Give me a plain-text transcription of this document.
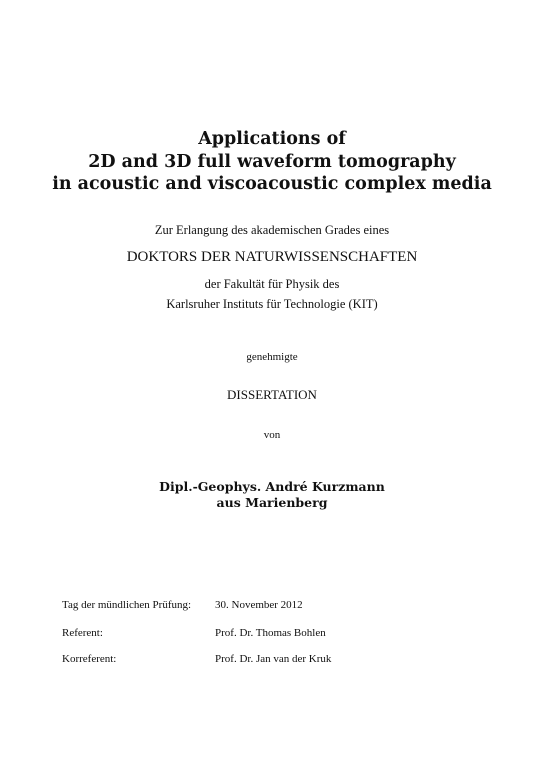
Applications of
2D and 3D full waveform tomography
in acoustic and viscoacoustic complex media
Zur Erlangung des akademischen Grades eines
DOKTORS DER NATURWISSENSCHAFTEN
der Fakultät für Physik des
Karlsruher Instituts für Technologie (KIT)
genehmigte
DISSERTATION
von
Dipl.-Geophys. André Kurzmann
aus Marienberg
Tag der mündlichen Prüfung: 30. November 2012
Referent:	Prof. Dr. Thomas Bohlen
Korreferent:	Prof. Dr. Jan van der Kruk
